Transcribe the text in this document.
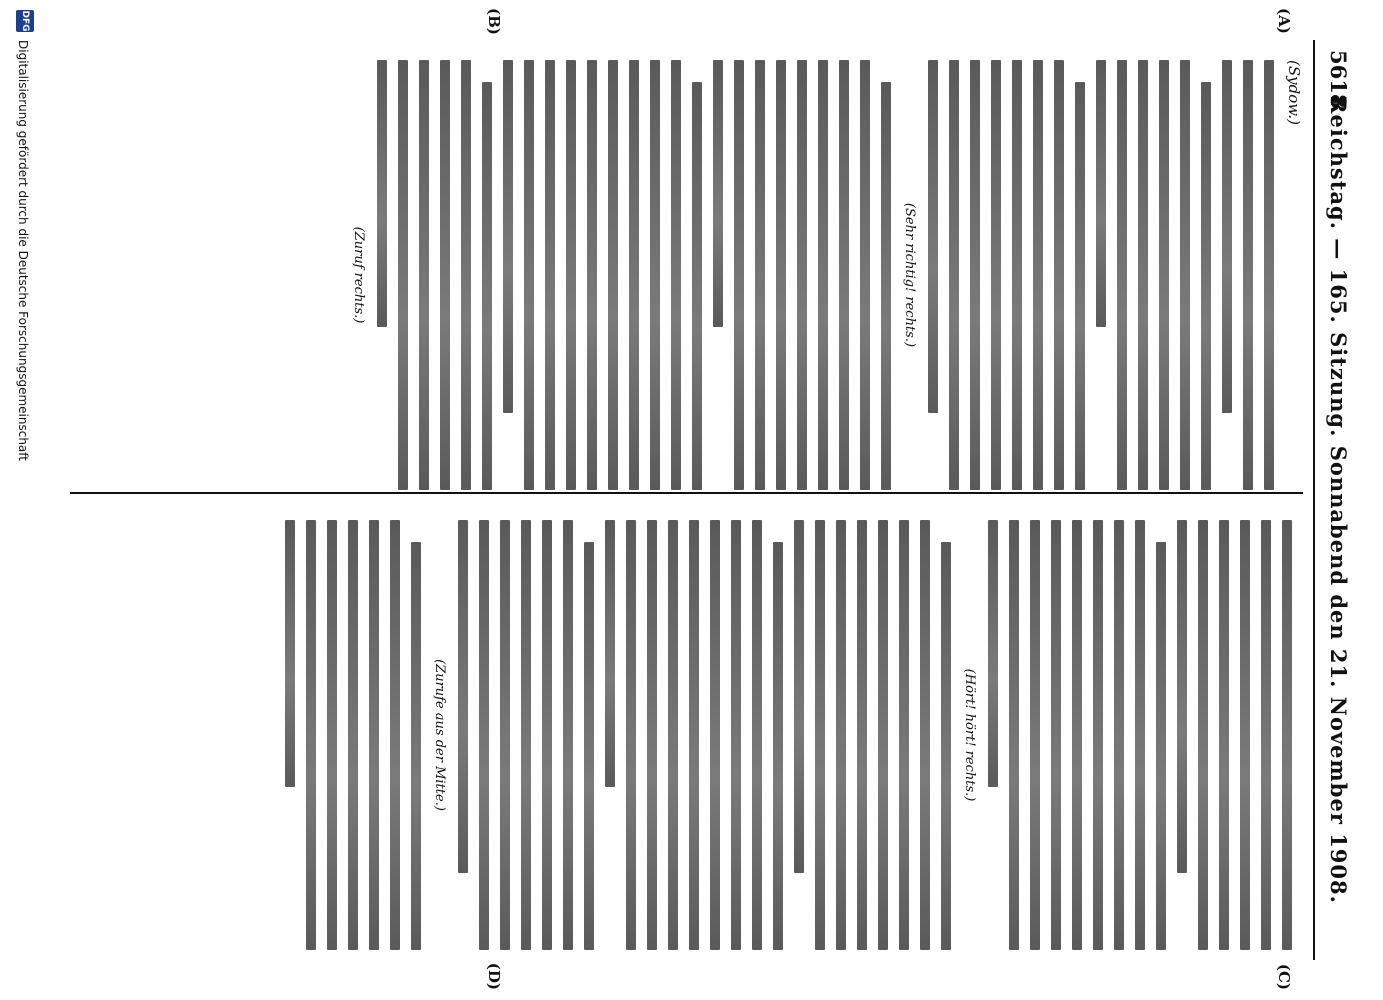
5618
Reichstag. — 165. Sitzung. Sonnabend den 21. November 1908.
(A)
(B)
(C)
(D)
(Sydow.)
(Sehr richtig! rechts.)
(Zuruf rechts.)
(Hört! hört! rechts.)
(Zurufe aus der Mitte.)
DFG
Digitalisierung gefördert durch die Deutsche Forschungsgemeinschaft
